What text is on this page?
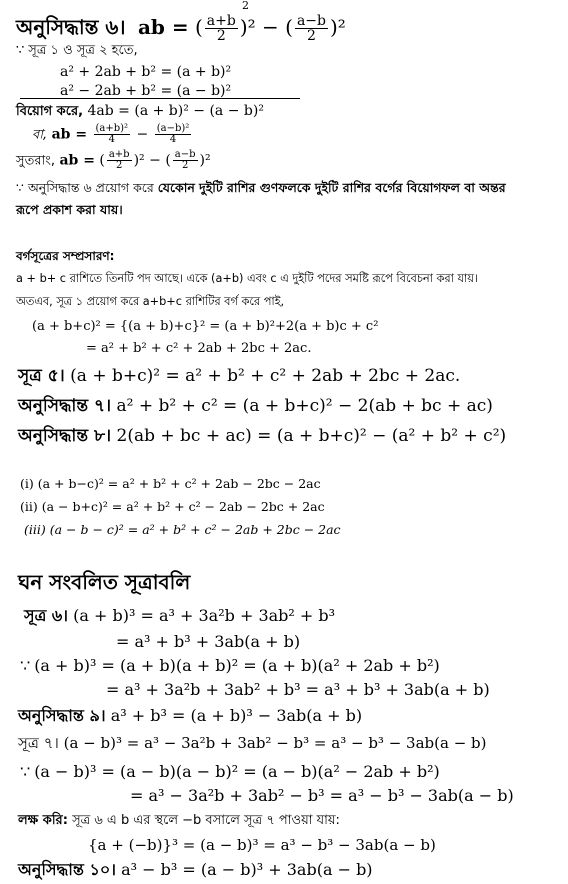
অনুসিদ্ধান্ত ৬। ab = ( $\frac{a+b}{2} )^2$ − ( $\frac{a-b}{2} )^2$
2
∵ সূত্র ১ ও সূত্র ২ হতে,
a² + 2ab + b² = (a + b)²
a² − 2ab + b² = (a − b)²
বিয়োগ করে, 4ab = (a + b)² − (a − b)²
বা, ab = $\frac{\text{(a+b)²}}{4} - \frac{\text{(a−b)²}}{4}$
সুতরাং, ab = ( $\frac{a+b}{2} )^2$ − ( $\frac{a-b}{2} )^2$
∵ অনুসিদ্ধান্ত ৬ প্রয়োগ করে যেকোন দুইটি রাশির গুণফলকে দুইটি রাশির বর্গের বিয়োগফল বা অন্তর
রূপে প্রকাশ করা যায়।
বর্গসূত্রের সম্প্রসারণ:
a + b+ c রাশিতে তিনটি পদ আছে। একে (a+b) এবং c এ দুইটি পদের সমষ্টি রূপে বিবেচনা করা যায়।
অতএব, সূত্র ১ প্রয়োগ করে a+b+c রাশিটির বর্গ করে পাই,
(a + b+c)² = {(a + b)+c}² = (a + b)²+2(a + b)c + c²
= a² + b² + c² + 2ab + 2bc + 2ac.
সূত্র ৫। (a + b+c)² = a² + b² + c² + 2ab + 2bc + 2ac.
অনুসিদ্ধান্ত ৭। a² + b² + c² = (a + b+c)² − 2(ab + bc + ac)
অনুসিদ্ধান্ত ৮। 2(ab + bc + ac) = (a + b+c)² − (a² + b² + c²)
(i) (a + b−c)² = a² + b² + c² + 2ab − 2bc − 2ac
(ii) (a − b+c)² = a² + b² + c² − 2ab − 2bc + 2ac
(iii) (a − b − c)² = a² + b² + c² − 2ab + 2bc − 2ac
ঘন সংবলিত সূত্রাবলি
সূত্র ৬। (a + b)³ = a³ + 3a²b + 3ab² + b³
= a³ + b³ + 3ab(a + b)
∵ (a + b)³ = (a + b)(a + b)² = (a + b)(a² + 2ab + b²)
= a³ + 3a²b + 3ab² + b³ = a³ + b³ + 3ab(a + b)
অনুসিদ্ধান্ত ৯। a³ + b³ = (a + b)³ − 3ab(a + b)
সূত্র ৭। (a − b)³ = a³ − 3a²b + 3ab² − b³ = a³ − b³ − 3ab(a − b)
∵ (a − b)³ = (a − b)(a − b)² = (a − b)(a² − 2ab + b²)
= a³ − 3a²b + 3ab² − b³ = a³ − b³ − 3ab(a − b)
লক্ষ করি: সূত্র ৬ এ b এর স্থলে −b বসালে সূত্র ৭ পাওয়া যায়:
{a + (−b)}³ = (a − b)³ = a³ − b³ − 3ab(a − b)
অনুসিদ্ধান্ত ১০। a³ − b³ = (a − b)³ + 3ab(a − b)
